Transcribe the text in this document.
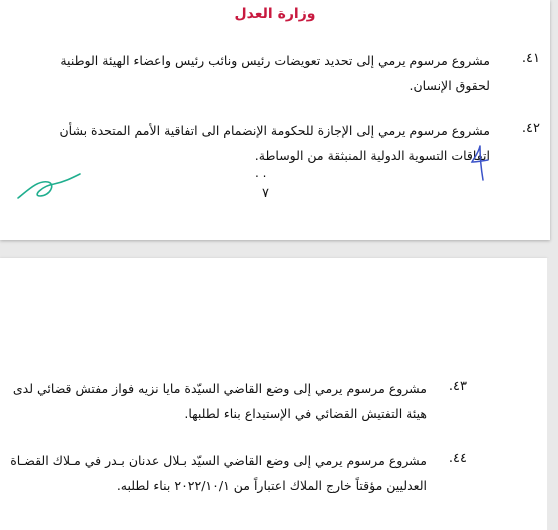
وزارة العدل
٤١.
مشروع مرسوم يرمي إلى تحديد تعويضات رئيس ونائب رئيس واعضاء الهيئة الوطنية لحقوق الإنسان.
٤٢.
مشروع مرسوم يرمي إلى الإجازة للحكومة الإنضمام الى اتفاقية الأمم المتحدة بشأن اتفاقات التسوية الدولية المنبثقة من الوساطة.
. .
٧
٤٣.
مشروع مرسوم يرمي إلى وضع القاضي السيّدة مايا نزيه فواز مفتش قضائي لدى هيئة التفتيش القضائي في الإستيداع بناء لطلبها.
٤٤.
مشروع مرسوم يرمي إلى وضع القاضي السيّد بـلال عدنان بـدر في مـلاك القضـاة العدليين مؤقتاً خارج الملاك اعتباراً من ٢٠٢٢/١٠/١ بناء لطلبه.
